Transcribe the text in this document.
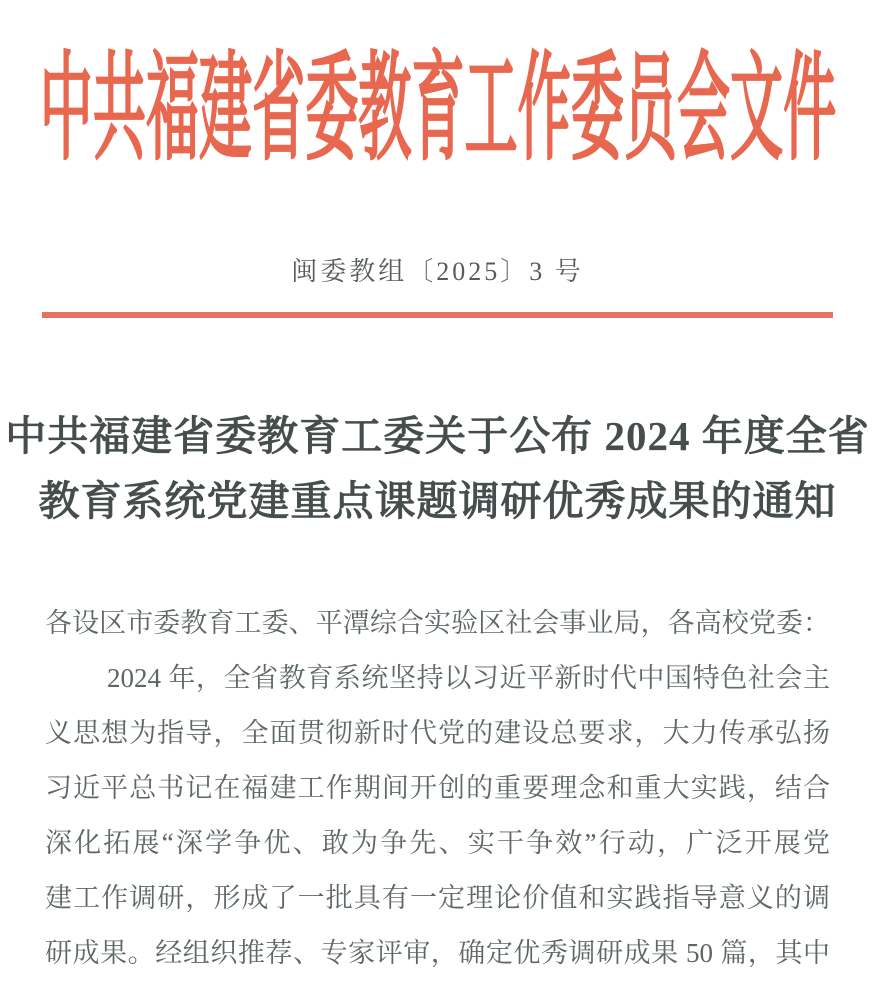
中共福建省委教育工作委员会文件
闽委教组〔2025〕3 号
中共福建省委教育工委关于公布 2024 年度全省
教育系统党建重点课题调研优秀成果的通知
各设区市委教育工委、平潭综合实验区社会事业局，各高校党委：
2024 年，全省教育系统坚持以习近平新时代中国特色社会主
义思想为指导，全面贯彻新时代党的建设总要求，大力传承弘扬
习近平总书记在福建工作期间开创的重要理念和重大实践，结合
深化拓展“深学争优、敢为争先、实干争效”行动，广泛开展党
建工作调研，形成了一批具有一定理论价值和实践指导意义的调
研成果。经组织推荐、专家评审，确定优秀调研成果 50 篇，其中
